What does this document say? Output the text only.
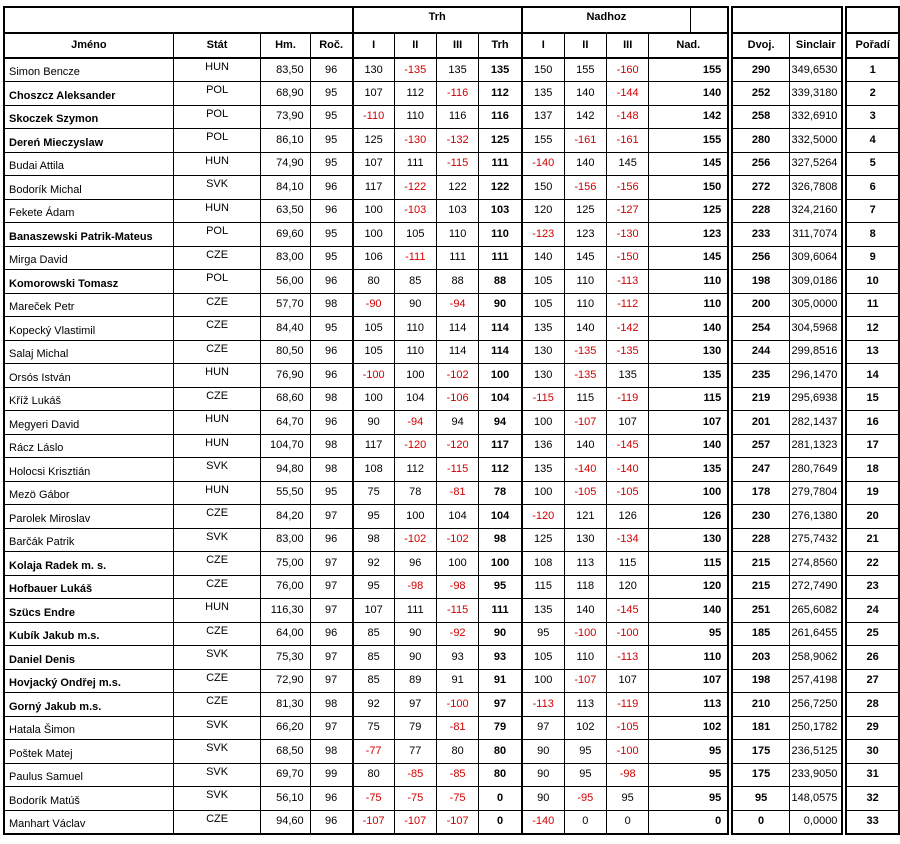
				Trh				Nadhoz									
Jméno	Stát	Hm.	Roč.	I	II	III	Trh	I	II	III	Nad.			Dvoj.	Sinclair		Pořadí
Simon Bencze	HUN	83,50	96	130	-135	135	135	150	155	-160	155			290	349,6530		1
Choszcz Aleksander	POL	68,90	95	107	112	-116	112	135	140	-144	140			252	339,3180		2
Skoczek Szymon	POL	73,90	95	-110	110	116	116	137	142	-148	142			258	332,6910		3
Dereń Mieczyslaw	POL	86,10	95	125	-130	-132	125	155	-161	-161	155			280	332,5000		4
Budai Attila	HUN	74,90	95	107	111	-115	111	-140	140	145	145			256	327,5264		5
Bodorík Michal	SVK	84,10	96	117	-122	122	122	150	-156	-156	150			272	326,7808		6
Fekete Ádam	HUN	63,50	96	100	-103	103	103	120	125	-127	125			228	324,2160		7
Banaszewski Patrik-Mateus	POL	69,60	95	100	105	110	110	-123	123	-130	123			233	311,7074		8
Mirga David	CZE	83,00	95	106	-111	111	111	140	145	-150	145			256	309,6064		9
Komorowski Tomasz	POL	56,00	96	80	85	88	88	105	110	-113	110			198	309,0186		10
Mareček Petr	CZE	57,70	98	-90	90	-94	90	105	110	-112	110			200	305,0000		11
Kopecký Vlastimil	CZE	84,40	95	105	110	114	114	135	140	-142	140			254	304,5968		12
Salaj Michal	CZE	80,50	96	105	110	114	114	130	-135	-135	130			244	299,8516		13
Orsós István	HUN	76,90	96	-100	100	-102	100	130	-135	135	135			235	296,1470		14
Kříž Lukáš	CZE	68,60	98	100	104	-106	104	-115	115	-119	115			219	295,6938		15
Megyeri David	HUN	64,70	96	90	-94	94	94	100	-107	107	107			201	282,1437		16
Rácz Láslo	HUN	104,70	98	117	-120	-120	117	136	140	-145	140			257	281,1323		17
Holocsi Krisztián	SVK	94,80	98	108	112	-115	112	135	-140	-140	135			247	280,7649		18
Mezö Gábor	HUN	55,50	95	75	78	-81	78	100	-105	-105	100			178	279,7804		19
Parolek Miroslav	CZE	84,20	97	95	100	104	104	-120	121	126	126			230	276,1380		20
Barčák Patrik	SVK	83,00	96	98	-102	-102	98	125	130	-134	130			228	275,7432		21
Kolaja Radek m. s.	CZE	75,00	97	92	96	100	100	108	113	115	115			215	274,8560		22
Hofbauer Lukáš	CZE	76,00	97	95	-98	-98	95	115	118	120	120			215	272,7490		23
Szücs Endre	HUN	116,30	97	107	111	-115	111	135	140	-145	140			251	265,6082		24
Kubík Jakub m.s.	CZE	64,00	96	85	90	-92	90	95	-100	-100	95			185	261,6455		25
Daniel Denis	SVK	75,30	97	85	90	93	93	105	110	-113	110			203	258,9062		26
Hovjacký Ondřej m.s.	CZE	72,90	97	85	89	91	91	100	-107	107	107			198	257,4198		27
Gorný Jakub m.s.	CZE	81,30	98	92	97	-100	97	-113	113	-119	113			210	256,7250		28
Hatala Šimon	SVK	66,20	97	75	79	-81	79	97	102	-105	102			181	250,1782		29
Poštek Matej	SVK	68,50	98	-77	77	80	80	90	95	-100	95			175	236,5125		30
Paulus Samuel	SVK	69,70	99	80	-85	-85	80	90	95	-98	95			175	233,9050		31
Bodorík Matúš	SVK	56,10	96	-75	-75	-75	0	90	-95	95	95			95	148,0575		32
Manhart Václav	CZE	94,60	96	-107	-107	-107	0	-140	0	0	0			0	0,0000		33
